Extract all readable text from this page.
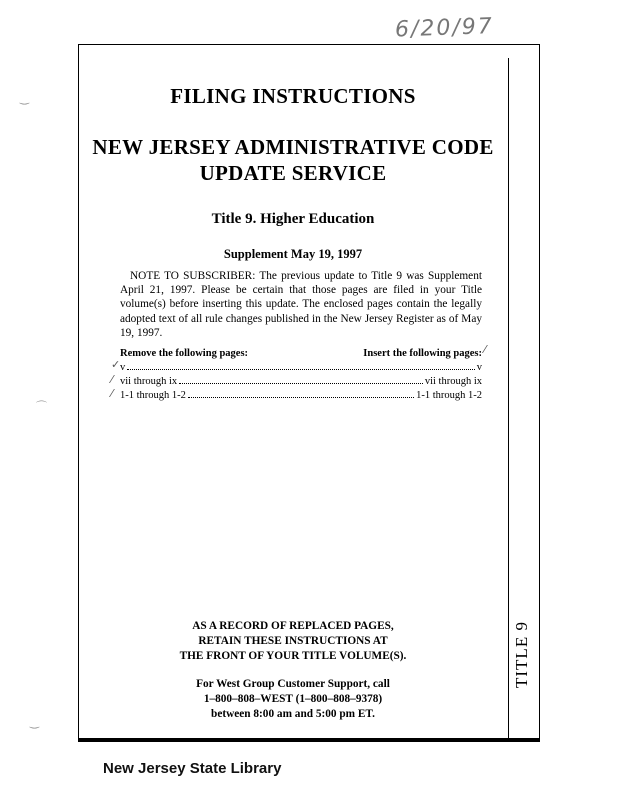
6/20/97
TITLE 9
FILING INSTRUCTIONS
NEW JERSEY ADMINISTRATIVE CODE
UPDATE SERVICE
Title 9. Higher Education
Supplement May 19, 1997
NOTE TO SUBSCRIBER: The previous update to Title 9 was Supplement April 21, 1997. Please be certain that those pages are filed in your Title volume(s) before inserting this update. The enclosed pages contain the legally adopted text of all rule changes published in the New Jersey Register as of May 19, 1997.
Remove the following pages:	Insert the following pages:
v	v
vii through ix	vii through ix
1-1 through 1-2	1-1 through 1-2
AS A RECORD OF REPLACED PAGES,
RETAIN THESE INSTRUCTIONS AT
THE FRONT OF YOUR TITLE VOLUME(S).
For West Group Customer Support, call
1–800–808–WEST (1–800–808–9378)
between 8:00 am and 5:00 pm ET.
New Jersey State Library
‿
⌒
‿
✓
⁄
⁄
⁄
